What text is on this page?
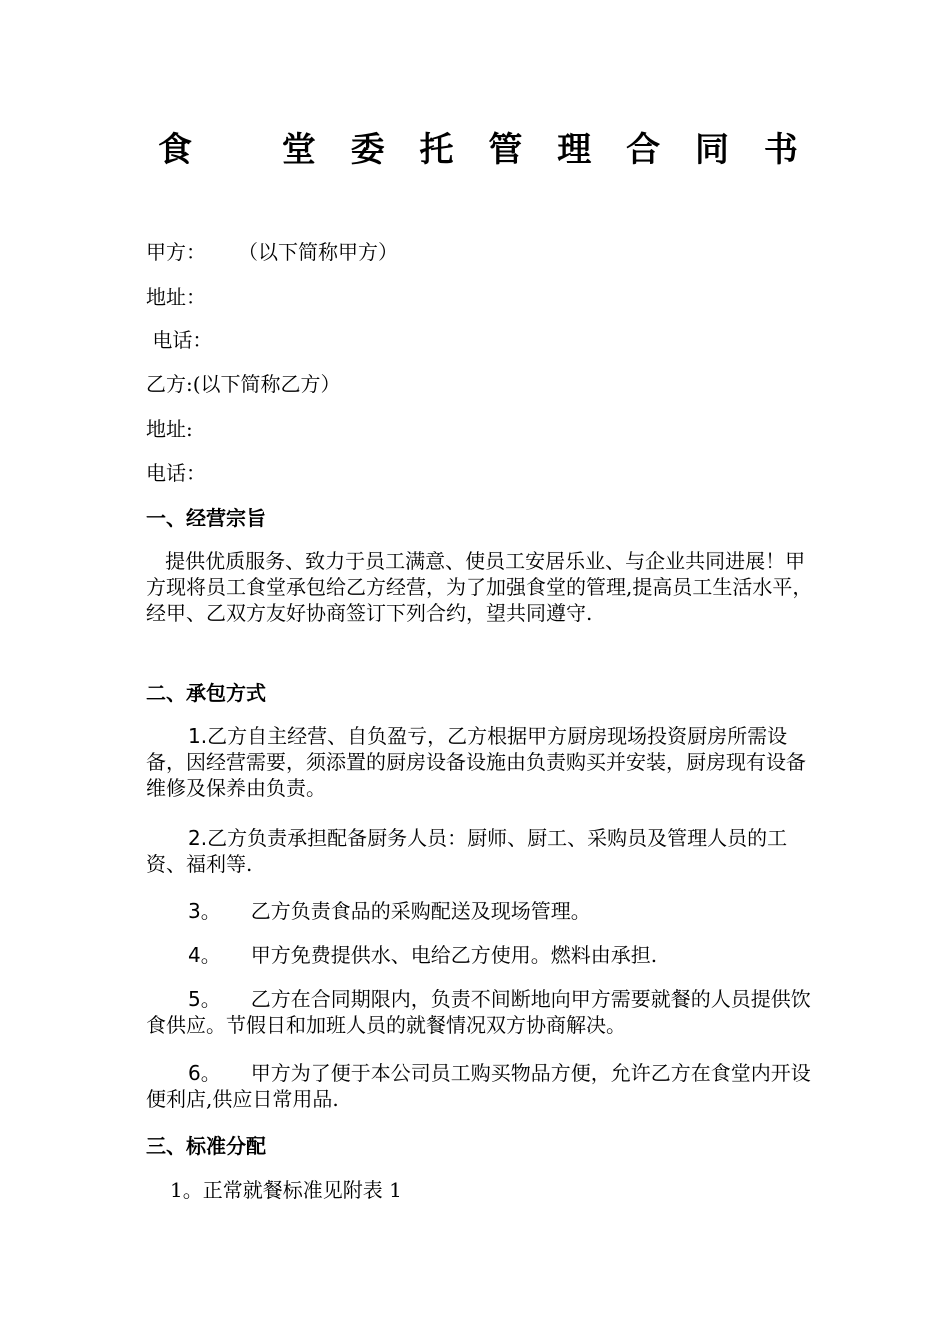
食	堂 委 托 管 理 合 同 书
甲方： （以下简称甲方）
地址：
电话：
乙方:(以下简称乙方）
地址:
电话：
一、经营宗旨
提供优质服务、致力于员工满意、使员工安居乐业、与企业共同进展！甲方现将员工食堂承包给乙方经营，为了加强食堂的管理,提高员工生活水平，经甲、乙双方友好协商签订下列合约，望共同遵守.
二、承包方式
1.乙方自主经营、自负盈亏，乙方根据甲方厨房现场投资厨房所需设备，因经营需要，须添置的厨房设备设施由负责购买并安装，厨房现有设备维修及保养由负责。
2.乙方负责承担配备厨务人员：厨师、厨工、采购员及管理人员的工资、福利等.
3。 乙方负责食品的采购配送及现场管理。
4。 甲方免费提供水、电给乙方使用。燃料由承担.
5。 乙方在合同期限内，负责不间断地向甲方需要就餐的人员提供饮食供应。节假日和加班人员的就餐情况双方协商解决。
6。 甲方为了便于本公司员工购买物品方便，允许乙方在食堂内开设便利店,供应日常用品.
三、标准分配
1。正常就餐标准见附表 1
